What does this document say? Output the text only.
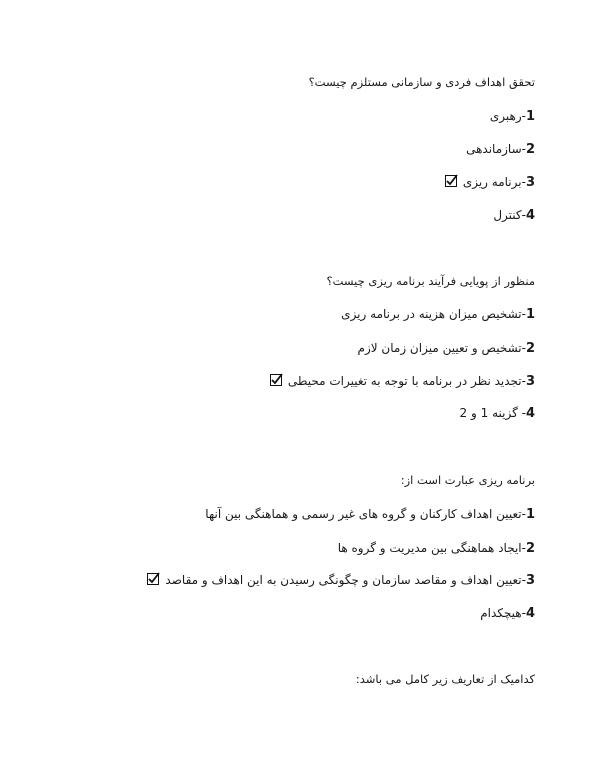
تحقق اهداف فردی و سازمانی مستلزم چیست؟
1-رهبری
2-سازماندهی
3-برنامه ریزی
4-کنترل
منظور از پویایی فرآیند برنامه ریزی چیست؟
1-تشخیص میزان هزینه در برنامه ریزی
2-تشخیص و تعیین میزان زمان لازم
3-تجدید نظر در برنامه با توجه به تغییرات محیطی
4- گزینه 1 و 2
برنامه ریزی عبارت است از:
1-تعیین اهداف کارکنان و گروه های غیر رسمی و هماهنگی بین آنها
2-ایجاد هماهنگی بین مدیریت و گروه ها
3-تعیین اهداف و مقاصد سازمان و چگونگی رسیدن به این اهداف و مقاصد
4-هیچکدام
کدامیک از تعاریف زیر کامل می باشد:
